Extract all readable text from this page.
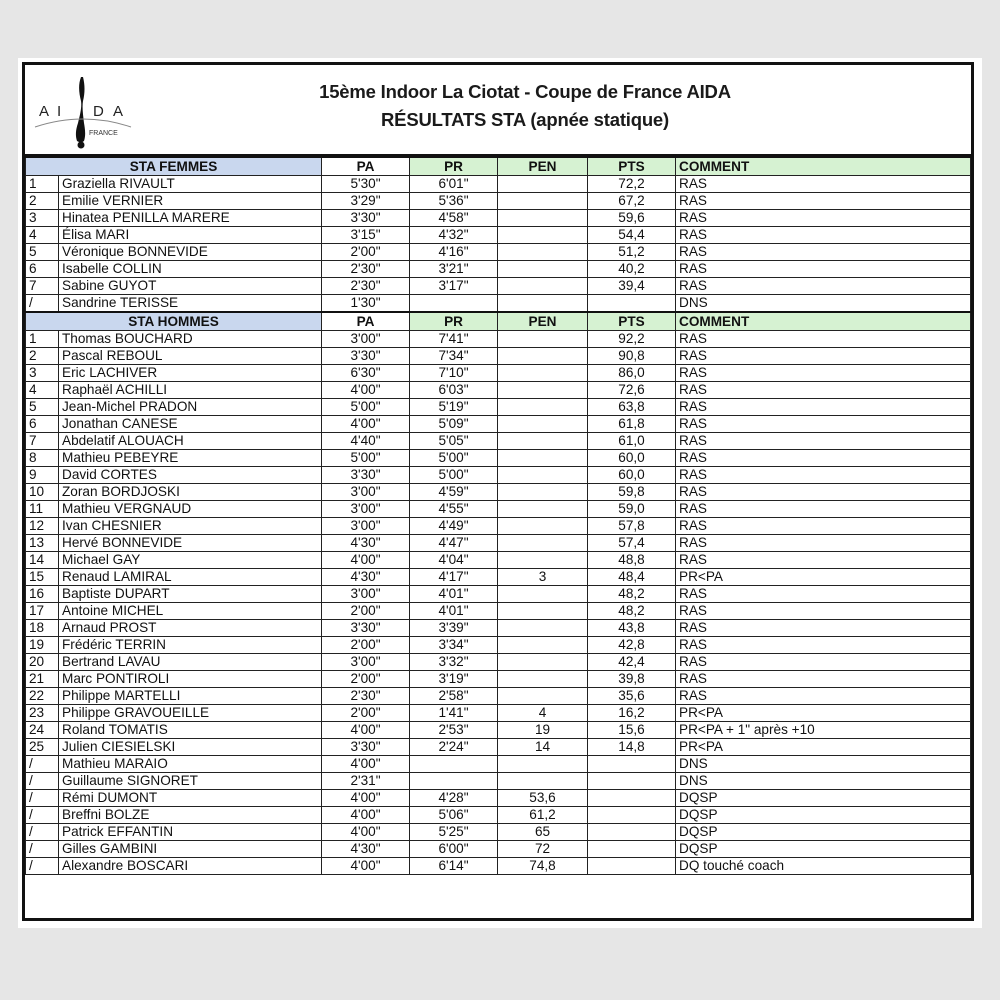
A I D A
FRANCE
15ème Indoor La Ciotat - Coupe de France AIDA
RÉSULTATS STA (apnée statique)
STA FEMMES		PA	PR	PEN	PTS	COMMENT
1	Graziella RIVAULT	5'30"	6'01"		72,2	RAS
2	Emilie VERNIER	3'29"	5'36"		67,2	RAS
3	Hinatea PENILLA MARERE	3'30"	4'58"		59,6	RAS
4	Élisa MARI	3'15"	4'32"		54,4	RAS
5	Véronique BONNEVIDE	2'00"	4'16"		51,2	RAS
6	Isabelle COLLIN	2'30"	3'21"		40,2	RAS
7	Sabine GUYOT	2'30"	3'17"		39,4	RAS
/	Sandrine TERISSE	1'30"				DNS
STA HOMMES		PA	PR	PEN	PTS	COMMENT
1	Thomas BOUCHARD	3'00"	7'41"		92,2	RAS
2	Pascal REBOUL	3'30"	7'34"		90,8	RAS
3	Eric LACHIVER	6'30"	7'10"		86,0	RAS
4	Raphaël ACHILLI	4'00"	6'03"		72,6	RAS
5	Jean-Michel PRADON	5'00"	5'19"		63,8	RAS
6	Jonathan CANESE	4'00"	5'09"		61,8	RAS
7	Abdelatif ALOUACH	4'40"	5'05"		61,0	RAS
8	Mathieu PEBEYRE	5'00"	5'00"		60,0	RAS
9	David CORTES	3'30"	5'00"		60,0	RAS
10	Zoran BORDJOSKI	3'00"	4'59"		59,8	RAS
11	Mathieu VERGNAUD	3'00"	4'55"		59,0	RAS
12	Ivan CHESNIER	3'00"	4'49"		57,8	RAS
13	Hervé BONNEVIDE	4'30"	4'47"		57,4	RAS
14	Michael GAY	4'00"	4'04"		48,8	RAS
15	Renaud LAMIRAL	4'30"	4'17"	3	48,4	PR<PA
16	Baptiste DUPART	3'00"	4'01"		48,2	RAS
17	Antoine MICHEL	2'00"	4'01"		48,2	RAS
18	Arnaud PROST	3'30"	3'39"		43,8	RAS
19	Frédéric TERRIN	2'00"	3'34"		42,8	RAS
20	Bertrand LAVAU	3'00"	3'32"		42,4	RAS
21	Marc PONTIROLI	2'00"	3'19"		39,8	RAS
22	Philippe MARTELLI	2'30"	2'58"		35,6	RAS
23	Philippe GRAVOUEILLE	2'00"	1'41"	4	16,2	PR<PA
24	Roland TOMATIS	4'00"	2'53"	19	15,6	PR<PA + 1" après +10
25	Julien CIESIELSKI	3'30"	2'24"	14	14,8	PR<PA
/	Mathieu MARAIO	4'00"				DNS
/	Guillaume SIGNORET	2'31"				DNS
/	Rémi DUMONT	4'00"	4'28"	53,6		DQSP
/	Breffni BOLZE	4'00"	5'06"	61,2		DQSP
/	Patrick EFFANTIN	4'00"	5'25"	65		DQSP
/	Gilles GAMBINI	4'30"	6'00"	72		DQSP
/	Alexandre BOSCARI	4'00"	6'14"	74,8		DQ touché coach
